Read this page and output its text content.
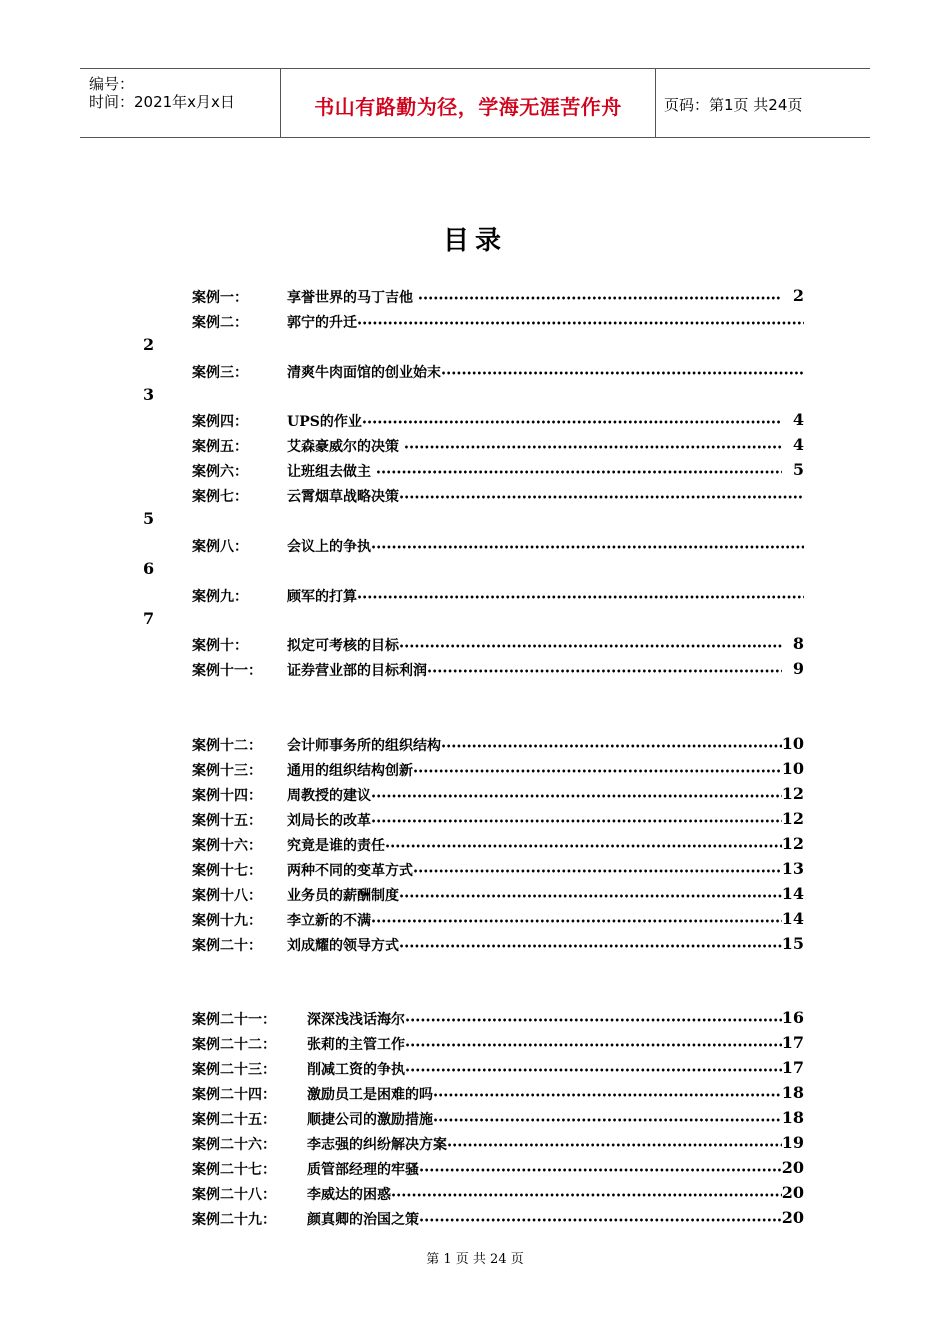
编号：
时间：2021年x月x日	书山有路勤为径，学海无涯苦作舟	页码：第1页 共24页
目录
案例一：	享誉世界的马丁吉他 •••••	2
案例二：	郭宁的升迁 •••••
2
案例三：	清爽牛肉面馆的创业始末 •••••
3
案例四：	UPS的作业 •••••	4
案例五：	艾森豪威尔的决策 •••••	4
案例六：	让班组去做主 •••••	5
案例七：	云霄烟草战略决策 •••••
5
案例八：	会议上的争执 •••••
6
案例九：	顾军的打算 •••••
7
案例十：	拟定可考核的目标 •••••	8
案例十一： 证券营业部的目标利润 •••••	9
案例十二： 会计师事务所的组织结构 •••••	10
案例十三： 通用的组织结构创新 •••••	10
案例十四： 周教授的建议 •••••	12
案例十五： 刘局长的改革 •••••	12
案例十六： 究竟是谁的责任 •••••	12
案例十七： 两种不同的变革方式 •••••	13
案例十八： 业务员的薪酬制度 •••••	14
案例十九： 李立新的不满 •••••	14
案例二十： 刘成耀的领导方式 •••••	15
案例二十一： 深深浅浅话海尔 •••••	16
案例二十二： 张莉的主管工作 •••••	17
案例二十三： 削减工资的争执 •••••	17
案例二十四： 激励员工是困难的吗 •••••	18
案例二十五： 顺捷公司的激励措施 •••••	18
案例二十六： 李志强的纠纷解决方案 •••••	19
案例二十七： 质管部经理的牢骚 •••••	20
案例二十八： 李威达的困惑 •••••	20
案例二十九： 颜真卿的治国之策 •••••	20
第 1 页 共 24 页
